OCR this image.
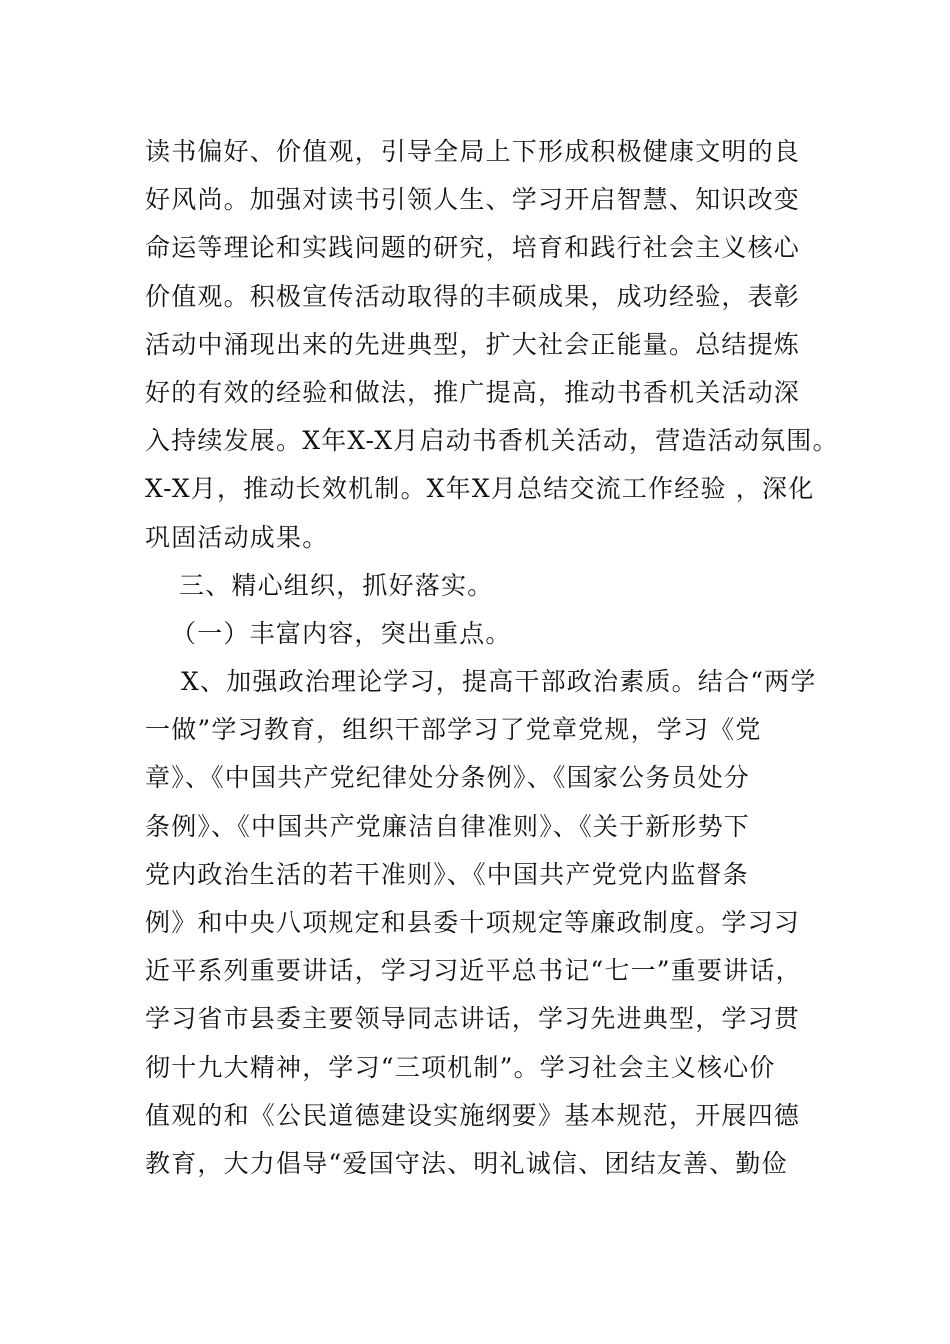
读书偏好、价值观，引导全局上下形成积极健康文明的良
好风尚。加强对读书引领人生、学习开启智慧、知识改变
命运等理论和实践问题的研究，培育和践行社会主义核心
价值观。积极宣传活动取得的丰硕成果，成功经验，表彰
活动中涌现出来的先进典型，扩大社会正能量。总结提炼
好的有效的经验和做法，推广提高，推动书香机关活动深
入持续发展。X年X-X月启动书香机关活动，营造活动氛围。
X-X月，推动长效机制。X年X月总结交流工作经验 ，深化
巩固活动成果。
三、精心组织，抓好落实。
（一）丰富内容，突出重点。
X、加强政治理论学习，提高干部政治素质。结合“两学
一做”学习教育，组织干部学习了党章党规，学习《党
章》、《中国共产党纪律处分条例》、《国家公务员处分
条例》、《中国共产党廉洁自律准则》、《关于新形势下
党内政治生活的若干准则》、《中国共产党党内监督条
例》和中央八项规定和县委十项规定等廉政制度。学习习
近平系列重要讲话，学习习近平总书记“七一”重要讲话，
学习省市县委主要领导同志讲话，学习先进典型，学习贯
彻十九大精神，学习“三项机制”。学习社会主义核心价
值观的和《公民道德建设实施纲要》基本规范，开展四德
教育，大力倡导“爱国守法、明礼诚信、团结友善、勤俭
